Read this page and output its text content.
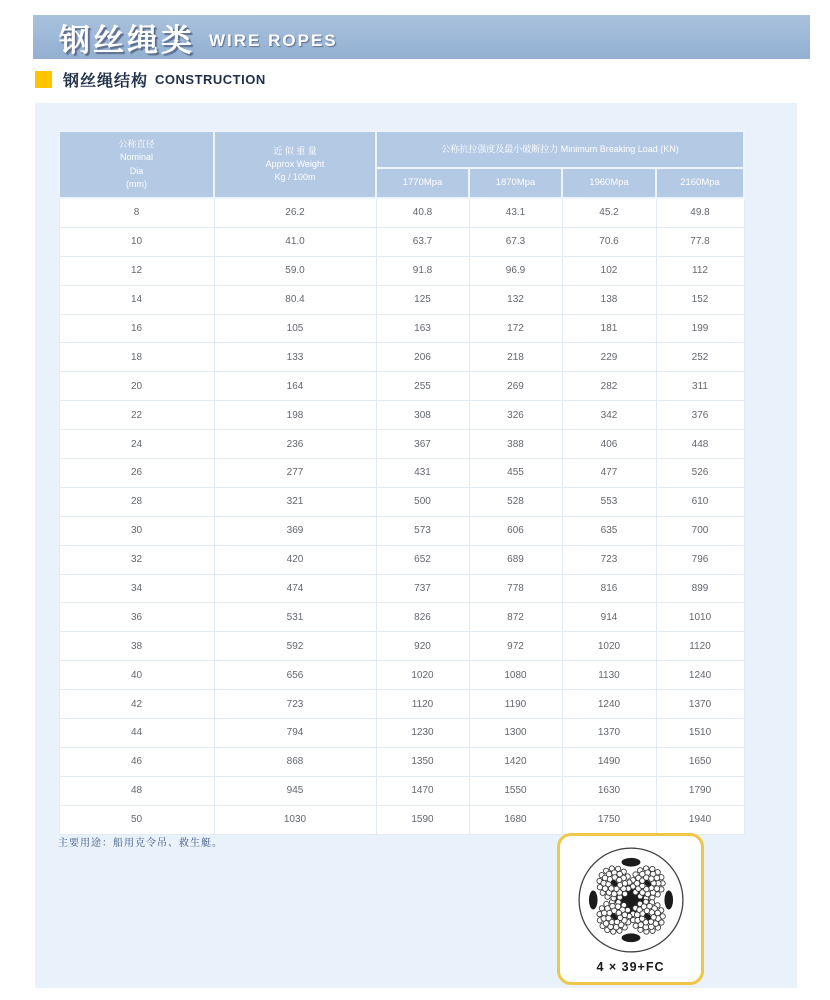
钢丝绳类 WIRE ROPES
钢丝绳结构 CONSTRUCTION
公称直径
Nominal
Dia
(mm)

近 似 重 量
Approx Weight
Kg / 100m
	公称抗拉强度及最小破断拉力 Minimum Breaking Load (KN)
		1770Mpa	1870Mpa	1960Mpa	2160Mpa
8	26.2	40.8	43.1	45.2	49.8
10	41.0	63.7	67.3	70.6	77.8
12	59.0	91.8	96.9	102	112
14	80.4	125	132	138	152
16	105	163	172	181	199
18	133	206	218	229	252
20	164	255	269	282	311
22	198	308	326	342	376
24	236	367	388	406	448
26	277	431	455	477	526
28	321	500	528	553	610
30	369	573	606	635	700
32	420	652	689	723	796
34	474	737	778	816	899
36	531	826	872	914	1010
38	592	920	972	1020	1120
40	656	1020	1080	1130	1240
42	723	1120	1190	1240	1370
44	794	1230	1300	1370	1510
46	868	1350	1420	1490	1650
48	945	1470	1550	1630	1790
50	1030	1590	1680	1750	1940
主要用途：船用克令吊、救生艇。
4 × 39+FC
